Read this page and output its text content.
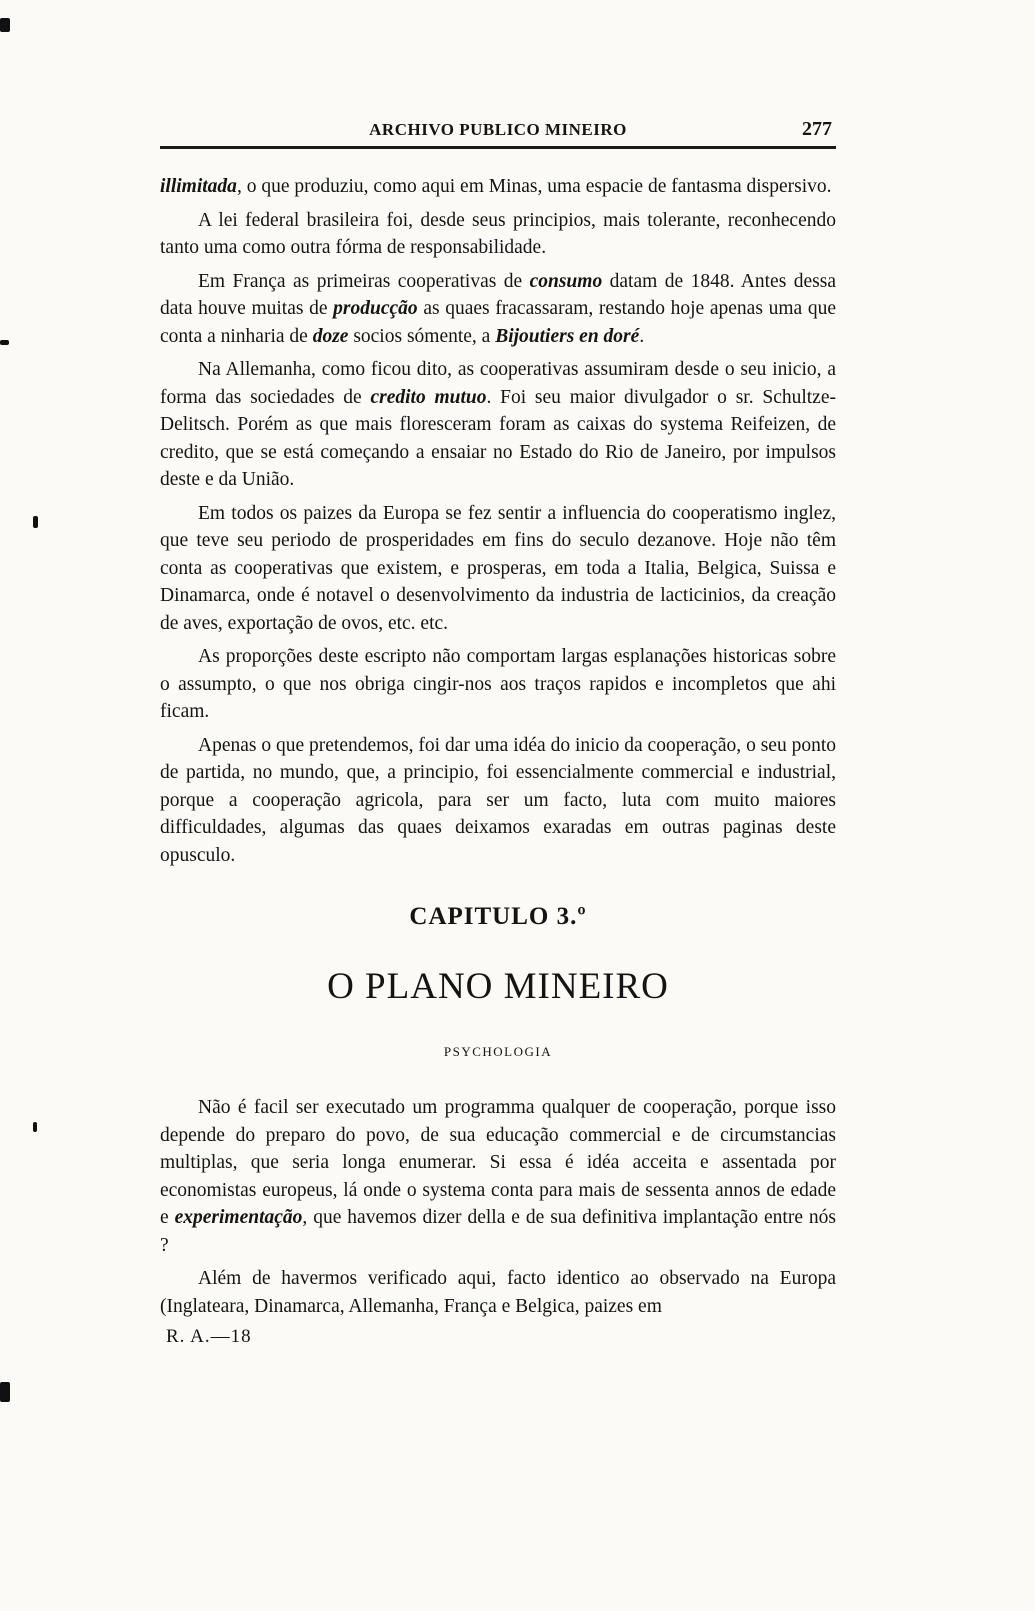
ARCHIVO PUBLICO MINEIRO	277

illimitada, o que produziu, como aqui em Minas, uma espacie de fantasma dispersivo.

A lei federal brasileira foi, desde seus principios, mais tolerante, reconhecendo tanto uma como outra fórma de responsabilidade.

Em França as primeiras cooperativas de consumo datam de 1848. Antes dessa data houve muitas de producção as quaes fracassaram, restando hoje apenas uma que conta a ninharia de doze socios sómente, a Bijoutiers en doré.

Na Allemanha, como ficou dito, as cooperativas assumiram desde o seu inicio, a forma das sociedades de credito mutuo. Foi seu maior divulgador o sr. Schultze-Delitsch. Porém as que mais floresceram foram as caixas do systema Reifeizen, de credito, que se está começando a ensaiar no Estado do Rio de Janeiro, por impulsos deste e da União.

Em todos os paizes da Europa se fez sentir a influencia do cooperatismo inglez, que teve seu periodo de prosperidades em fins do seculo dezanove. Hoje não têm conta as cooperativas que existem, e prosperas, em toda a Italia, Belgica, Suissa e Dinamarca, onde é notavel o desenvolvimento da industria de lacticinios, da creação de aves, exportação de ovos, etc. etc.

As proporções deste escripto não comportam largas esplanações historicas sobre o assumpto, o que nos obriga cingir-nos aos traços rapidos e incompletos que ahi ficam.

Apenas o que pretendemos, foi dar uma idéa do inicio da cooperação, o seu ponto de partida, no mundo, que, a principio, foi essencialmente commercial e industrial, porque a cooperação agricola, para ser um facto, luta com muito maiores difficuldades, algumas das quaes deixamos exaradas em outras paginas deste opusculo.

CAPITULO 3.º
O PLANO MINEIRO
PSYCHOLOGIA

Não é facil ser executado um programma qualquer de cooperação, porque isso depende do preparo do povo, de sua educação commercial e de circumstancias multiplas, que seria longa enumerar. Si essa é idéa acceita e assentada por economistas europeus, lá onde o systema conta para mais de sessenta annos de edade e experimentação, que havemos dizer della e de sua definitiva implantação entre nós ?

Além de havermos verificado aqui, facto identico ao observado na Europa (Inglateara, Dinamarca, Allemanha, França e Belgica, paizes em

R. A.—18
